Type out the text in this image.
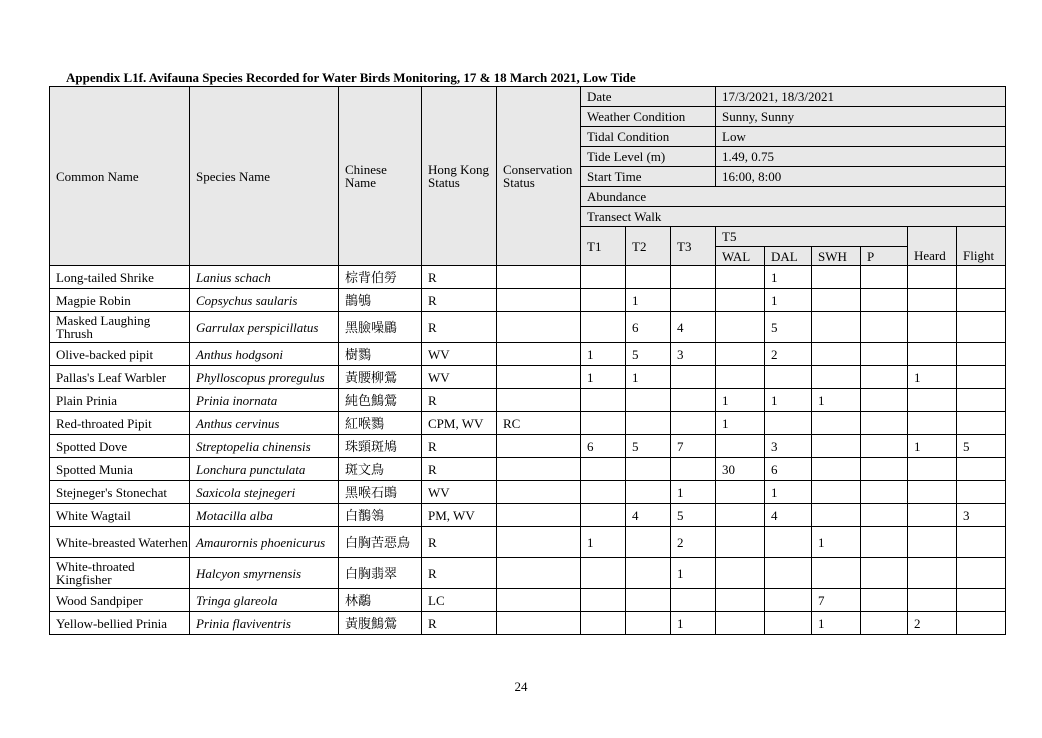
Appendix L1f. Avifauna Species Recorded for Water Birds Monitoring, 17 & 18 March 2021, Low Tide
Common Name	Species Name	Chinese Name	Hong Kong Status	Conservation Status	Date			17/3/2021, 18/3/2021					
					Weather Condition			Sunny, Sunny					
					Tidal Condition			Low					
					Tide Level (m)			1.49, 0.75					
					Start Time			16:00, 8:00					
					Abundance								
					Transect Walk								
					T1	T2	T3	T5					
								WAL	DAL	SWH	P	Heard	Flight
Long-tailed Shrike	Lanius schach	棕背伯勞	R						1				
Magpie Robin	Copsychus saularis	鵲鴝	R			1			1				
Masked Laughing Thrush	Garrulax perspicillatus	黑臉噪鶥	R			6	4		5				
Olive-backed pipit	Anthus hodgsoni	樹鷚	WV		1	5	3		2				
Pallas's Leaf Warbler	Phylloscopus proregulus	黃腰柳鶯	WV		1	1						1	
Plain Prinia	Prinia inornata	純色鷦鶯	R					1	1	1			
Red-throated Pipit	Anthus cervinus	紅喉鷚	CPM, WV	RC				1					
Spotted Dove	Streptopelia chinensis	珠頸斑鳩	R		6	5	7		3			1	5
Spotted Munia	Lonchura punctulata	斑文鳥	R					30	6				
Stejneger's Stonechat	Saxicola stejnegeri	黑喉石鵖	WV				1		1				
White Wagtail	Motacilla alba	白鶺鴒	PM, WV			4	5		4				3
White-breasted Waterhen	Amaurornis phoenicurus	白胸苦惡鳥	R		1		2			1			
White-throated Kingfisher	Halcyon smyrnensis	白胸翡翠	R				1						
Wood Sandpiper	Tringa glareola	林鷸	LC							7			
Yellow-bellied Prinia	Prinia flaviventris	黃腹鷦鶯	R				1			1		2	
24
